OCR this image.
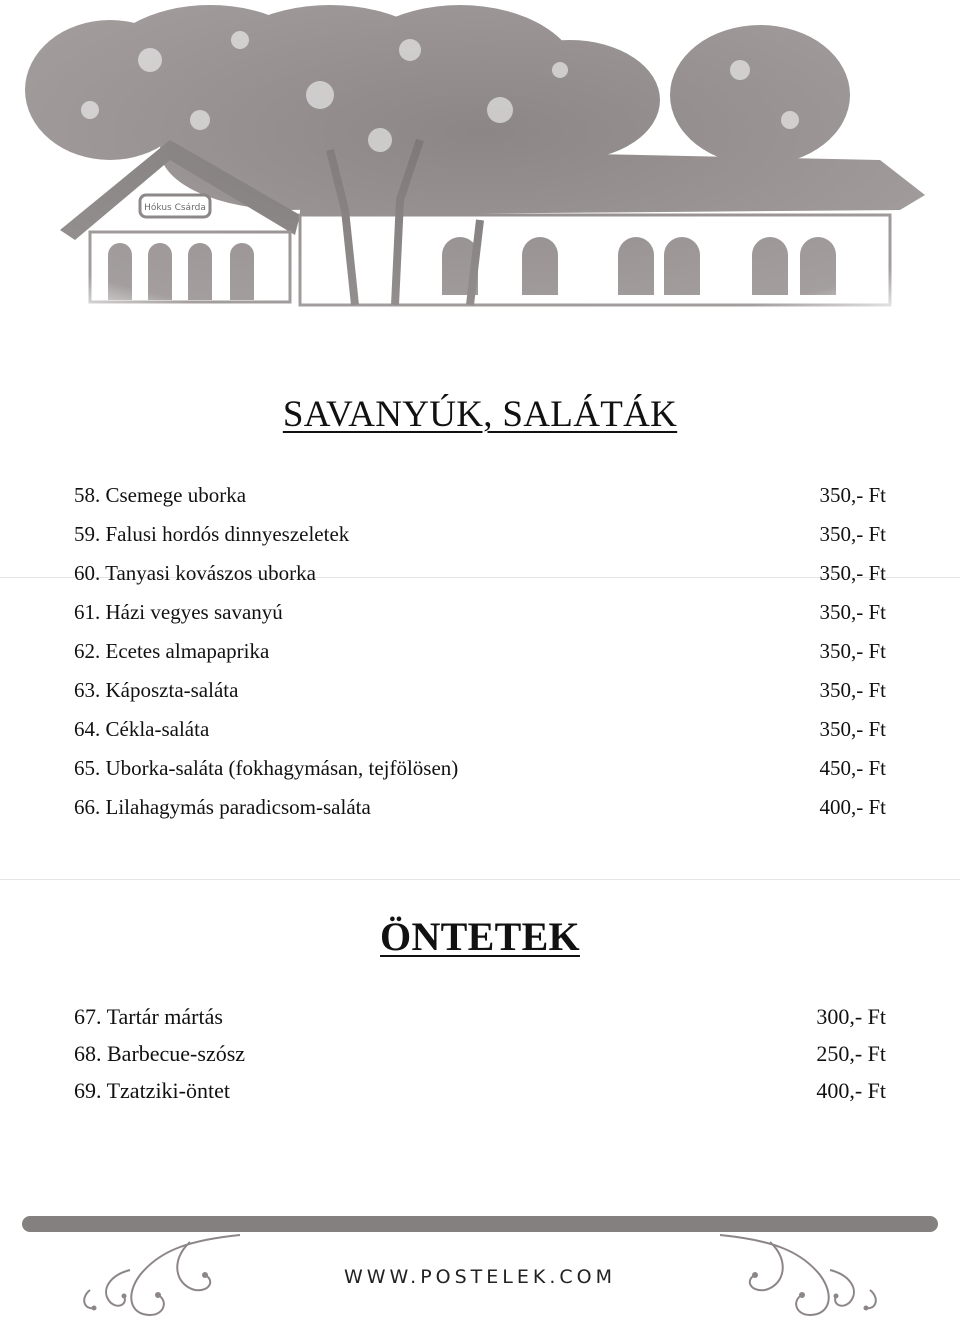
SAVANYÚK, SALÁTÁK
58. Csemege uborka	350,- Ft
59. Falusi hordós dinnyeszeletek	350,- Ft
60. Tanyasi kovászos uborka	350,- Ft
61. Házi vegyes savanyú	350,- Ft
62. Ecetes almapaprika	350,- Ft
63. Káposzta-saláta	350,- Ft
64. Cékla-saláta	350,- Ft
65. Uborka-saláta (fokhagymásan, tejfölösen)	450,- Ft
66. Lilahagymás paradicsom-saláta	400,- Ft
ÖNTETEK
67. Tartár mártás	300,- Ft
68. Barbecue-szósz	250,- Ft
69. Tzatziki-öntet	400,- Ft
WWW.POSTELEK.COM
